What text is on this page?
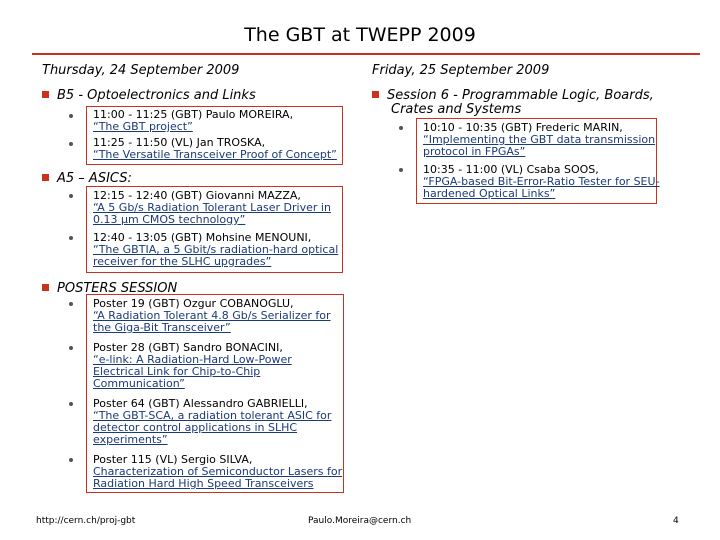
The GBT at TWEPP 2009
Thursday, 24 September 2009	Friday, 25 September 2009
B5 - Optoelectronics and Links
11:00 - 11:25 (GBT) Paulo MOREIRA,
“The GBT project”
11:25 - 11:50 (VL) Jan TROSKA,
“The Versatile Transceiver Proof of Concept”
A5 – ASICS:
12:15 - 12:40 (GBT) Giovanni MAZZA,
“A 5 Gb/s Radiation Tolerant Laser Driver in
0.13 µm CMOS technology”
12:40 - 13:05 (GBT) Mohsine MENOUNI,
“The GBTIA, a 5 Gbit/s radiation-hard optical
receiver for the SLHC upgrades”
POSTERS SESSION
Poster 19 (GBT) Ozgur COBANOGLU,
“A Radiation Tolerant 4.8 Gb/s Serializer for
the Giga-Bit Transceiver”
Poster 28 (GBT) Sandro BONACINI,
“e-link: A Radiation-Hard Low-Power
Electrical Link for Chip-to-Chip
Communication”
Poster 64 (GBT) Alessandro GABRIELLI,
“The GBT-SCA, a radiation tolerant ASIC for
detector control applications in SLHC
experiments”
Poster 115 (VL) Sergio SILVA,
Characterization of Semiconductor Lasers for
Radiation Hard High Speed Transceivers
Session 6 - Programmable Logic, Boards,
Crates and Systems
10:10 - 10:35 (GBT) Frederic MARIN,
“Implementing the GBT data transmission
protocol in FPGAs”
10:35 - 11:00 (VL) Csaba SOOS,
“FPGA-based Bit-Error-Ratio Tester for SEU-
hardened Optical Links”
http://cern.ch/proj-gbt	Paulo.Moreira@cern.ch	4
